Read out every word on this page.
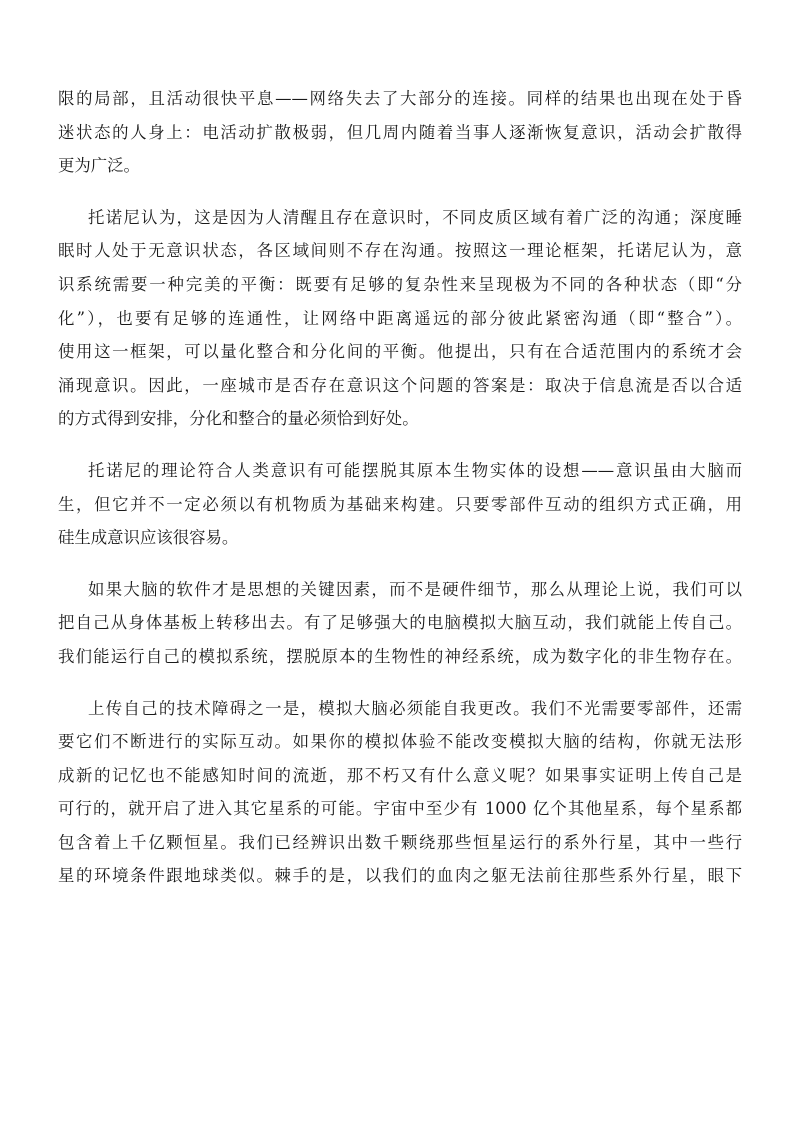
限的局部，且活动很快平息——网络失去了大部分的连接。同样的结果也出现在处于昏
迷状态的人身上：电活动扩散极弱，但几周内随着当事人逐渐恢复意识，活动会扩散得
更为广泛。
托诺尼认为，这是因为人清醒且存在意识时，不同皮质区域有着广泛的沟通；深度睡
眠时人处于无意识状态，各区域间则不存在沟通。按照这一理论框架，托诺尼认为，意
识系统需要一种完美的平衡：既要有足够的复杂性来呈现极为不同的各种状态（即“分
化”），也要有足够的连通性，让网络中距离遥远的部分彼此紧密沟通（即“整合”）。
使用这一框架，可以量化整合和分化间的平衡。他提出，只有在合适范围内的系统才会
涌现意识。因此，一座城市是否存在意识这个问题的答案是：取决于信息流是否以合适
的方式得到安排，分化和整合的量必须恰到好处。
托诺尼的理论符合人类意识有可能摆脱其原本生物实体的设想——意识虽由大脑而
生，但它并不一定必须以有机物质为基础来构建。只要零部件互动的组织方式正确，用
硅生成意识应该很容易。
如果大脑的软件才是思想的关键因素，而不是硬件细节，那么从理论上说，我们可以
把自己从身体基板上转移出去。有了足够强大的电脑模拟大脑互动，我们就能上传自己。
我们能运行自己的模拟系统，摆脱原本的生物性的神经系统，成为数字化的非生物存在。
上传自己的技术障碍之一是，模拟大脑必须能自我更改。我们不光需要零部件，还需
要它们不断进行的实际互动。如果你的模拟体验不能改变模拟大脑的结构，你就无法形
成新的记忆也不能感知时间的流逝，那不朽又有什么意义呢？如果事实证明上传自己是
可行的，就开启了进入其它星系的可能。宇宙中至少有 1000 亿个其他星系，每个星系都
包含着上千亿颗恒星。我们已经辨识出数千颗绕那些恒星运行的系外行星，其中一些行
星的环境条件跟地球类似。棘手的是，以我们的血肉之躯无法前往那些系外行星，眼下
